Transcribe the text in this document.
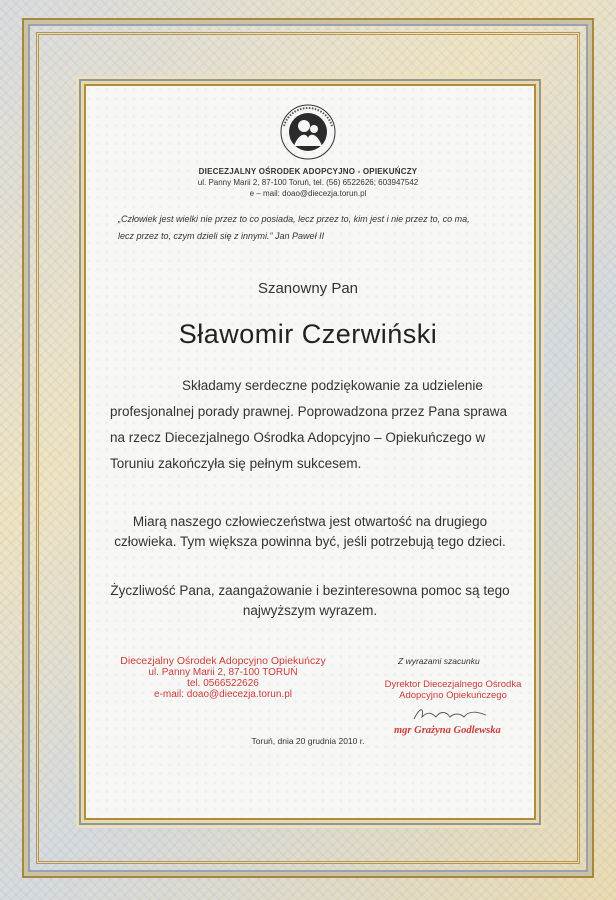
DIECEZJALNY OŚRODEK ADOPCYJNO - OPIEKUŃCZY
ul. Panny Marii 2, 87-100 Toruń, tel. (56) 6522626; 603947542
e – mail: doao@diecezja.torun.pl
„Człowiek jest wielki nie przez to co posiada, lecz przez to, kim jest i nie przez to, co ma,
lecz przez to, czym dzieli się z innymi.” Jan Paweł II
Szanowny Pan
Sławomir Czerwiński
Składamy serdeczne podziękowanie za udzielenie profesjonalnej porady prawnej. Poprowadzona przez Pana sprawa na rzecz Diecezjalnego Ośrodka Adopcyjno – Opiekuńczego w Toruniu zakończyła się pełnym sukcesem.
Miarą naszego człowieczeństwa jest otwartość na drugiego człowieka. Tym większa powinna być, jeśli potrzebują tego dzieci.
Życzliwość Pana, zaangażowanie i bezinteresowna pomoc są tego najwyższym wyrazem.
Diecezjalny Ośrodek Adopcyjno Opiekuńczy
ul. Panny Marii 2, 87-100 TORUŃ
tel. 0566522626
e-mail: doao@diecezja.torun.pl
Z wyrazami szacunku
Dyrektor Diecezjalnego Ośrodka
Adopcyjno Opiekuńczego
mgr Grażyna Godlewska
Toruń, dnia 20 grudnia 2010 r.
